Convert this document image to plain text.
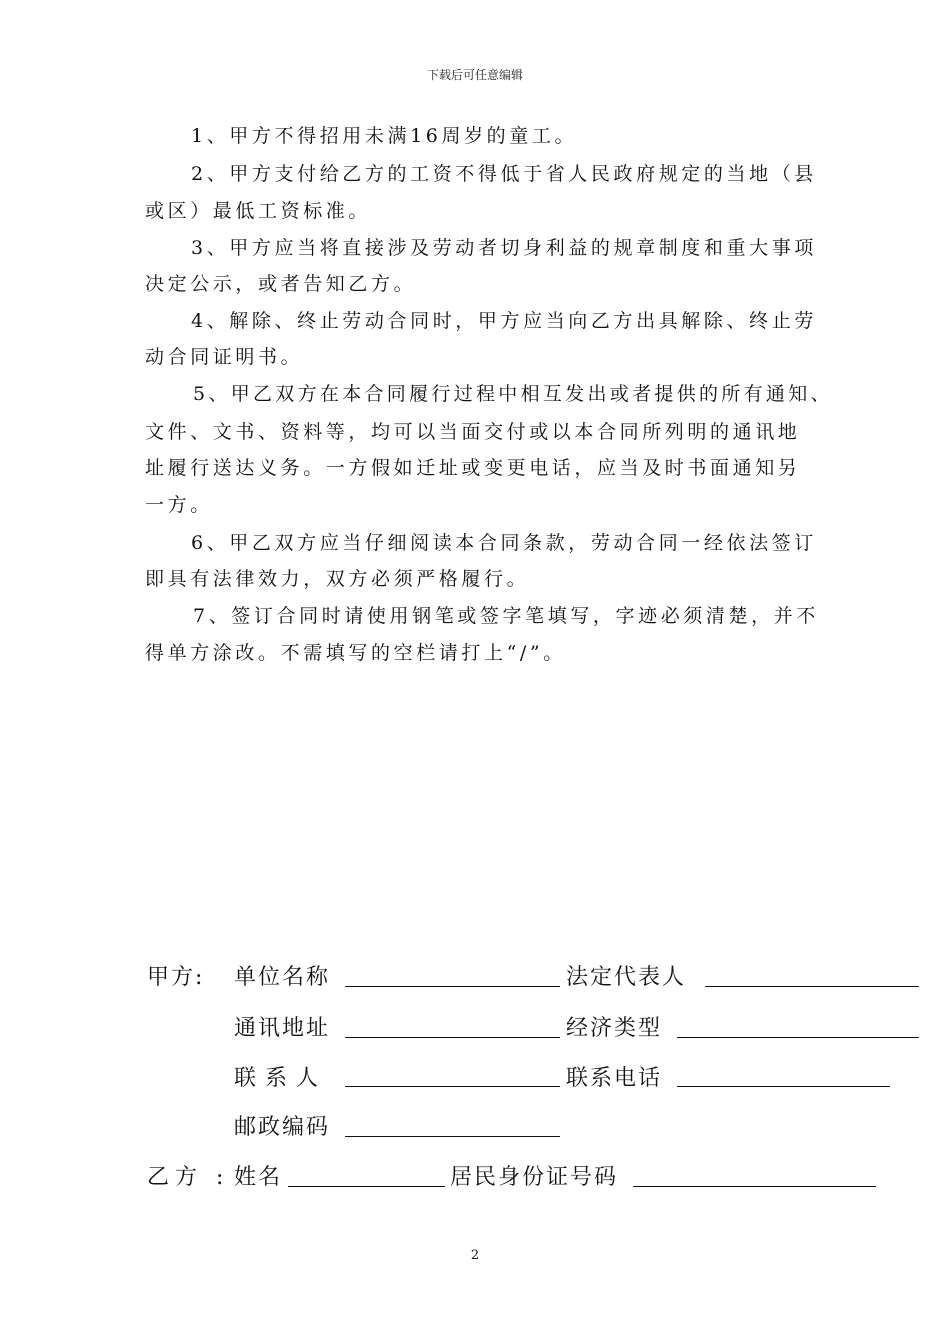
下载后可任意编辑
1、甲方不得招用未满16周岁的童工。
2、甲方支付给乙方的工资不得低于省人民政府规定的当地（县
或区）最低工资标准。
3、甲方应当将直接涉及劳动者切身利益的规章制度和重大事项
决定公示，或者告知乙方。
4、解除、终止劳动合同时，甲方应当向乙方出具解除、终止劳
动合同证明书。
5、甲乙双方在本合同履行过程中相互发出或者提供的所有通知、
文件、文书、资料等，均可以当面交付或以本合同所列明的通讯地
址履行送达义务。一方假如迁址或变更电话，应当及时书面通知另
一方。
6、甲乙双方应当仔细阅读本合同条款，劳动合同一经依法签订
即具有法律效力，双方必须严格履行。
7、签订合同时请使用钢笔或签字笔填写，字迹必须清楚，并不
得单方涂改。不需填写的空栏请打上“/”。
甲方: 单位名称	法定代表人
通讯地址	经济类型
联 系 人	联系电话
邮政编码
乙方 : 姓名	居民身份证号码
2
